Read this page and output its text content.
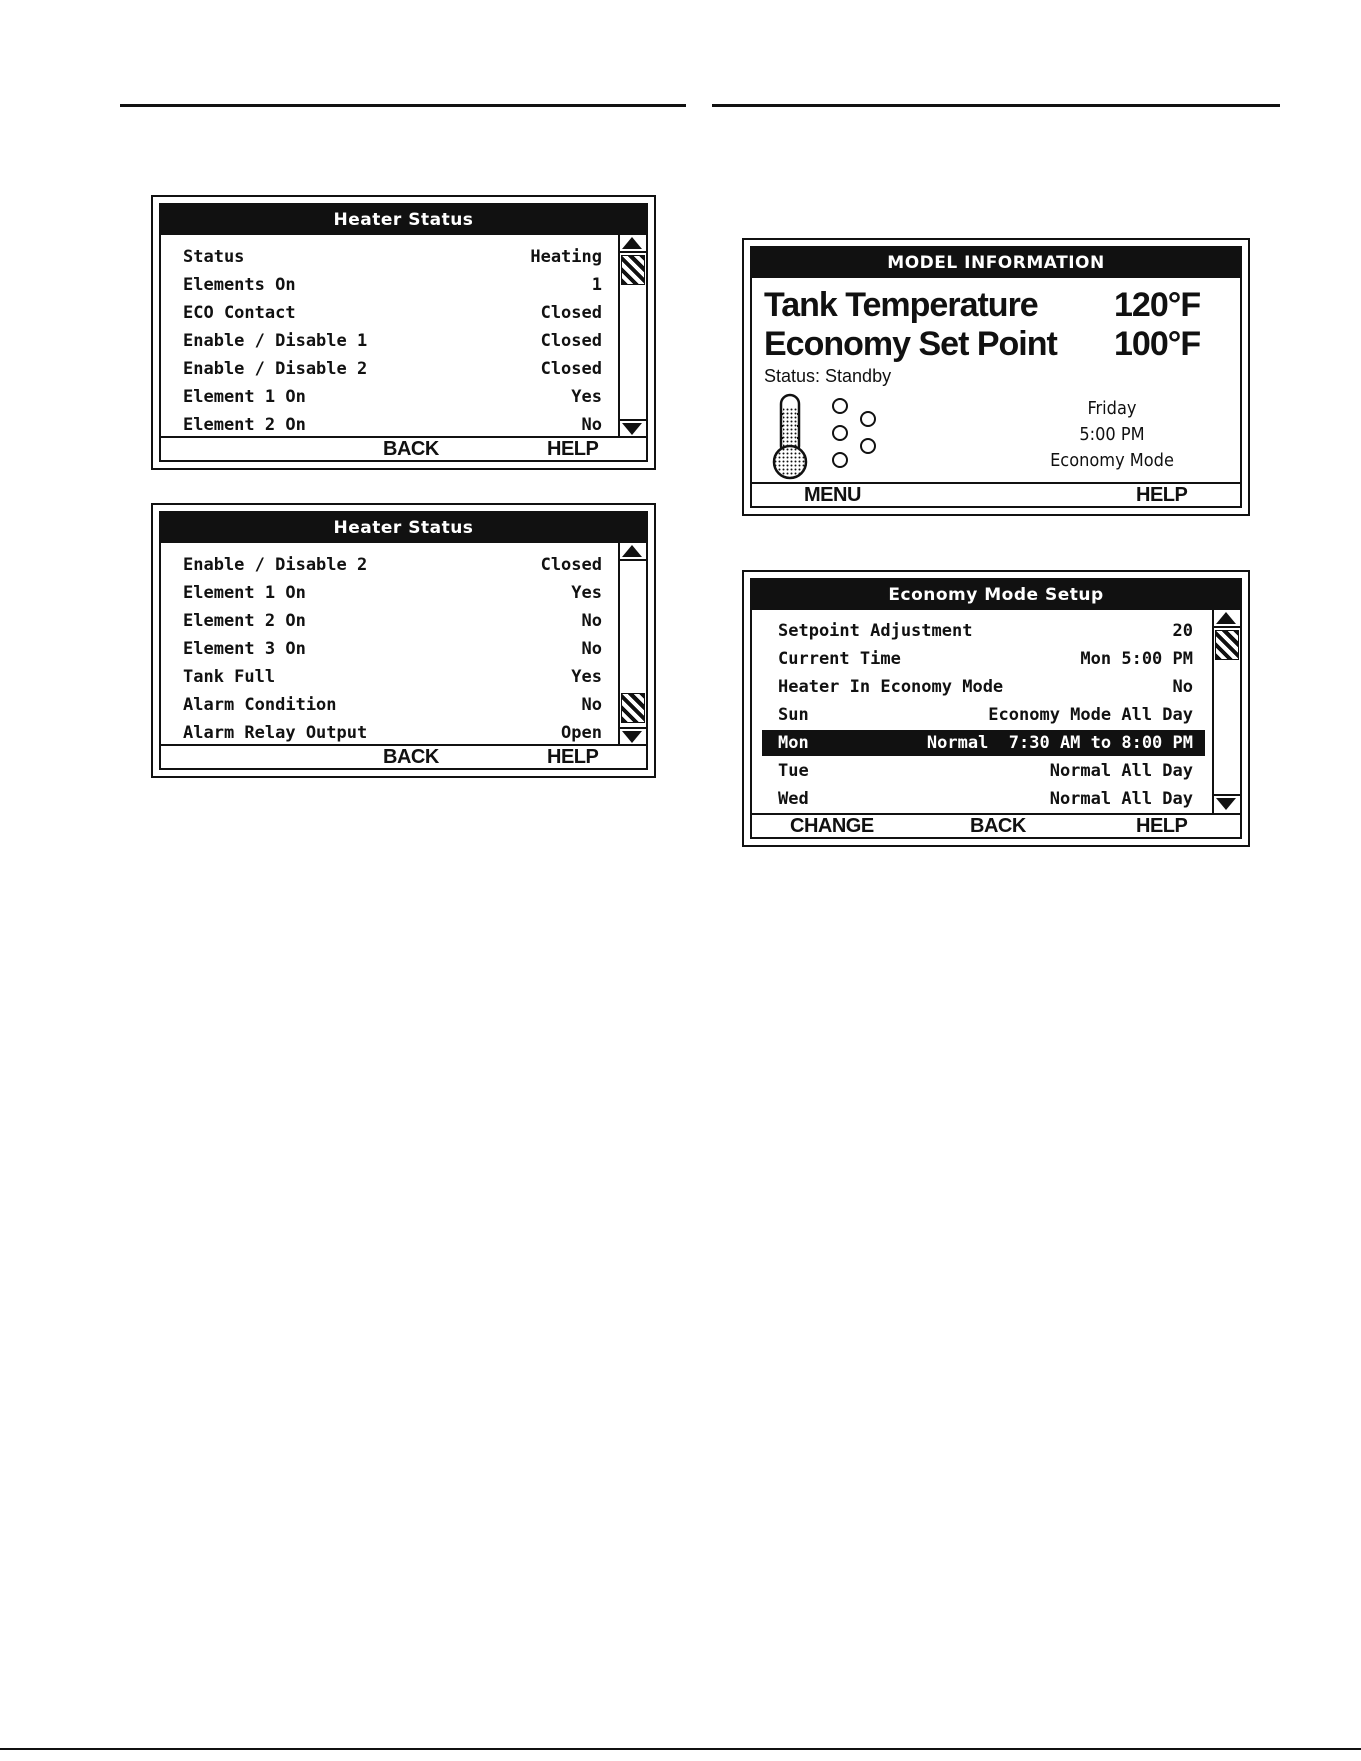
Heater Status
Status	Heating
Elements On	1
ECO Contact	Closed
Enable / Disable 1	Closed
Enable / Disable 2	Closed
Element 1 On	Yes
Element 2 On	No
BACK	HELP
Heater Status
Enable / Disable 2	Closed
Element 1 On	Yes
Element 2 On	No
Element 3 On	No
Tank Full	Yes
Alarm Condition	No
Alarm Relay Output	Open
BACK	HELP
MODEL INFORMATION
Tank Temperature 120°F
Economy Set Point 100°F
Status: Standby
Friday
5:00 PM
Economy Mode
MENU	HELP
Economy Mode Setup
Setpoint Adjustment	20
Current Time	Mon 5:00 PM
Heater In Economy Mode	No
Sun	Economy Mode All Day
Mon	Normal  7:30 AM to 8:00 PM
Tue	Normal All Day
Wed	Normal All Day
CHANGE	BACK	HELP
